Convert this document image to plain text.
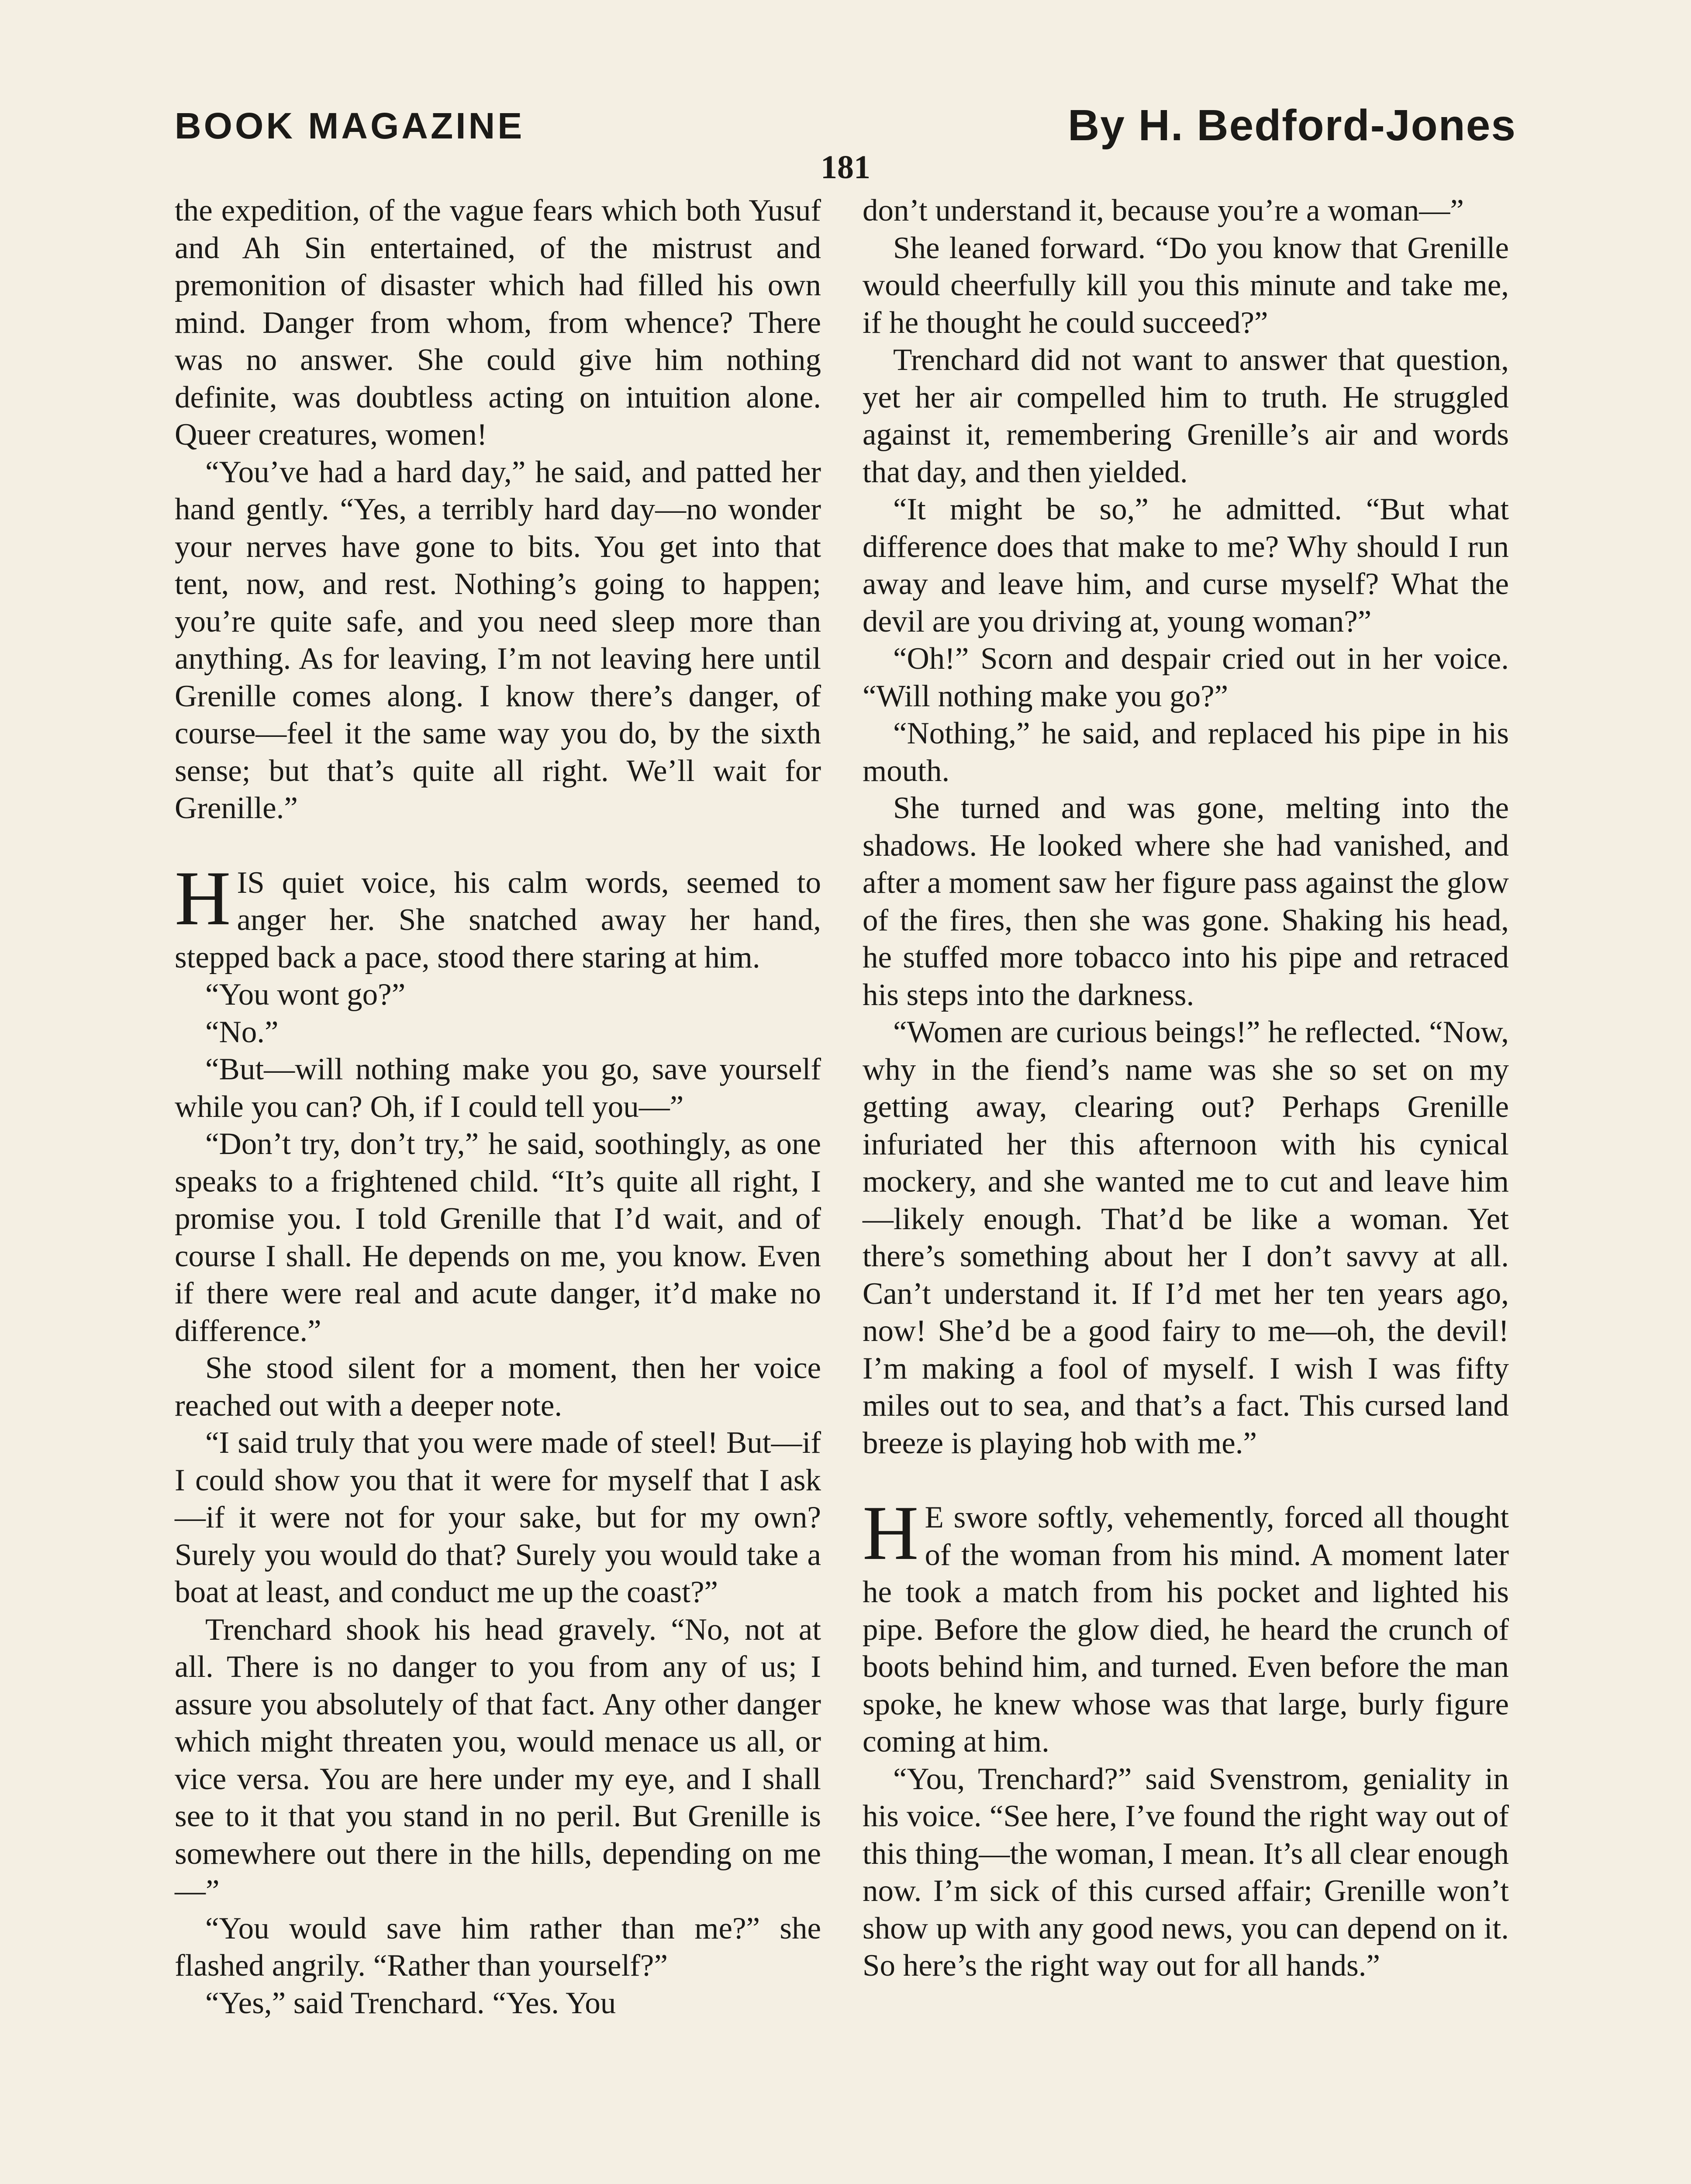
BOOK MAGAZINE	By H. Bedford-Jones
181

the expedition, of the vague fears which both Yusuf and Ah Sin entertained, of the mistrust and premonition of disaster which had filled his own mind. Danger from whom, from whence? There was no answer. She could give him nothing definite, was doubtless acting on intuition alone. Queer creatures, women!

“You’ve had a hard day,” he said, and patted her hand gently. “Yes, a terribly hard day—no wonder your nerves have gone to bits. You get into that tent, now, and rest. Nothing’s going to happen; you’re quite safe, and you need sleep more than anything. As for leaving, I’m not leaving here until Grenille comes along. I know there’s danger, of course—feel it the same way you do, by the sixth sense; but that’s quite all right. We’ll wait for Grenille.”

HIS quiet voice, his calm words, seemed to anger her. She snatched away her hand, stepped back a pace, stood there staring at him.

“You wont go?”

“No.”

“But—will nothing make you go, save yourself while you can? Oh, if I could tell you—”

“Don’t try, don’t try,” he said, soothingly, as one speaks to a frightened child. “It’s quite all right, I promise you. I told Grenille that I’d wait, and of course I shall. He depends on me, you know. Even if there were real and acute danger, it’d make no difference.”

She stood silent for a moment, then her voice reached out with a deeper note.

“I said truly that you were made of steel! But—if I could show you that it were for myself that I ask—if it were not for your sake, but for my own? Surely you would do that? Surely you would take a boat at least, and conduct me up the coast?”

Trenchard shook his head gravely. “No, not at all. There is no danger to you from any of us; I assure you absolutely of that fact. Any other danger which might threaten you, would menace us all, or vice versa. You are here under my eye, and I shall see to it that you stand in no peril. But Grenille is somewhere out there in the hills, depending on me—”

“You would save him rather than me?” she flashed angrily. “Rather than yourself?”

“Yes,” said Trenchard. “Yes. You

don’t understand it, because you’re a woman—”

She leaned forward. “Do you know that Grenille would cheerfully kill you this minute and take me, if he thought he could succeed?”

Trenchard did not want to answer that question, yet her air compelled him to truth. He struggled against it, remembering Grenille’s air and words that day, and then yielded.

“It might be so,” he admitted. “But what difference does that make to me? Why should I run away and leave him, and curse myself? What the devil are you driving at, young woman?”

“Oh!” Scorn and despair cried out in her voice. “Will nothing make you go?”

“Nothing,” he said, and replaced his pipe in his mouth.

She turned and was gone, melting into the shadows. He looked where she had vanished, and after a moment saw her figure pass against the glow of the fires, then she was gone. Shaking his head, he stuffed more tobacco into his pipe and retraced his steps into the darkness.

“Women are curious beings!” he reflected. “Now, why in the fiend’s name was she so set on my getting away, clearing out? Perhaps Grenille infuriated her this afternoon with his cynical mockery, and she wanted me to cut and leave him—likely enough. That’d be like a woman. Yet there’s something about her I don’t savvy at all. Can’t understand it. If I’d met her ten years ago, now! She’d be a good fairy to me—oh, the devil! I’m making a fool of myself. I wish I was fifty miles out to sea, and that’s a fact. This cursed land breeze is playing hob with me.”

H E swore softly, vehemently, forced all thought of the woman from his mind. A moment later he took a match from his pocket and lighted his pipe. Before the glow died, he heard the crunch of boots behind him, and turned. Even before the man spoke, he knew whose was that large, burly figure coming at him.

“You, Trenchard?” said Svenstrom, geniality in his voice. “See here, I’ve found the right way out of this thing—the woman, I mean. It’s all clear enough now. I’m sick of this cursed affair; Grenille won’t show up with any good news, you can depend on it. So here’s the right way out for all hands.”
